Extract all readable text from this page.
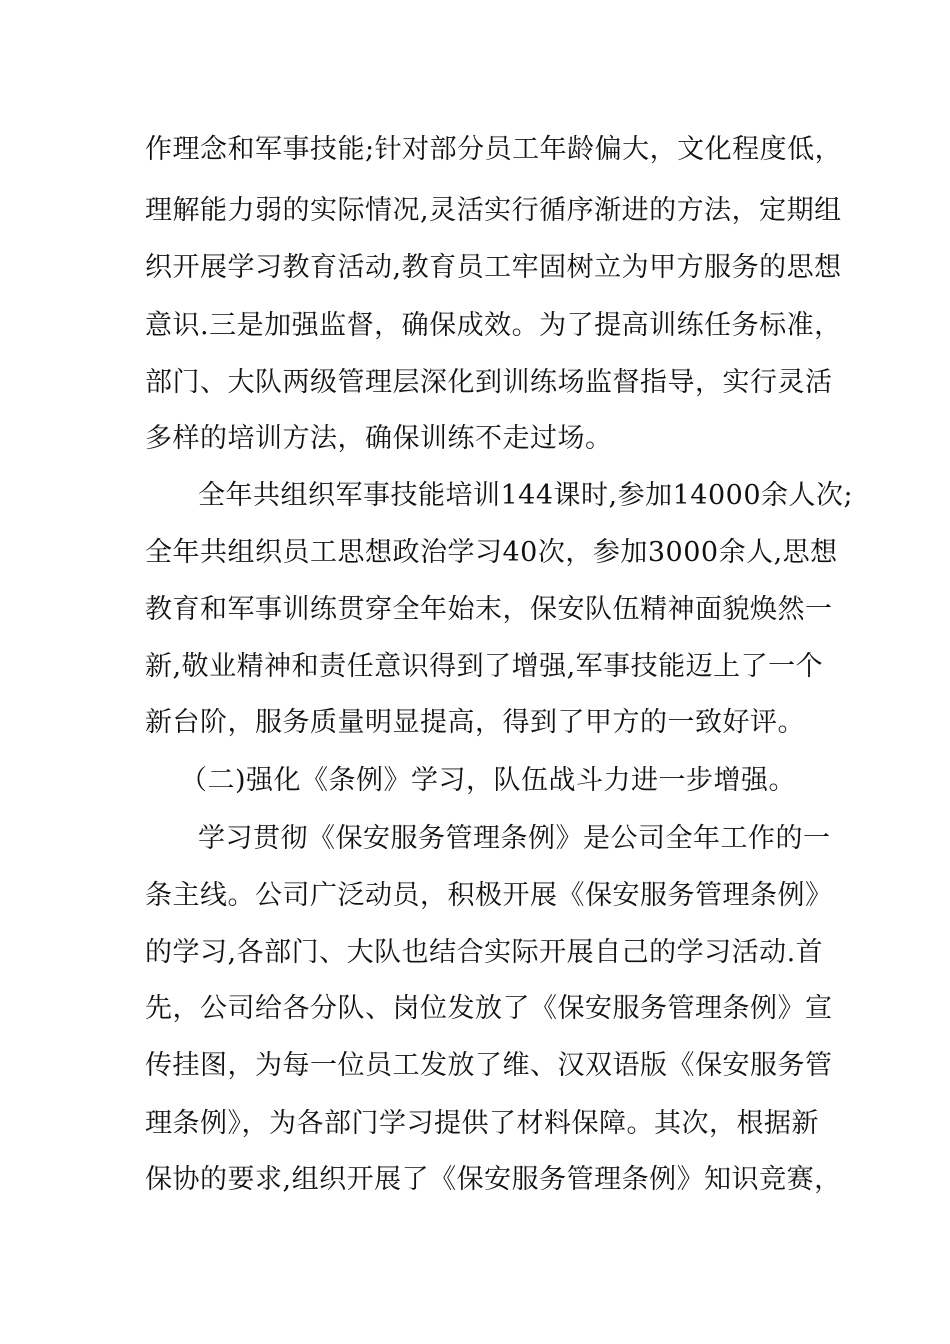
作理念和军事技能;针对部分员工年龄偏大，文化程度低，
理解能力弱的实际情况,灵活实行循序渐进的方法，定期组
织开展学习教育活动,教育员工牢固树立为甲方服务的思想
意识.三是加强监督，确保成效。为了提高训练任务标准，
部门、大队两级管理层深化到训练场监督指导，实行灵活
多样的培训方法，确保训练不走过场。
全年共组织军事技能培训144课时,参加14000余人次;
全年共组织员工思想政治学习40次，参加3000余人,思想
教育和军事训练贯穿全年始末，保安队伍精神面貌焕然一
新,敬业精神和责任意识得到了增强,军事技能迈上了一个
新台阶，服务质量明显提高，得到了甲方的一致好评。
（二)强化《条例》学习，队伍战斗力进一步增强。
学习贯彻《保安服务管理条例》是公司全年工作的一
条主线。公司广泛动员，积极开展《保安服务管理条例》
的学习,各部门、大队也结合实际开展自己的学习活动.首
先，公司给各分队、岗位发放了《保安服务管理条例》宣
传挂图，为每一位员工发放了维、汉双语版《保安服务管
理条例》，为各部门学习提供了材料保障。其次，根据新
保协的要求,组织开展了《保安服务管理条例》知识竞赛，
